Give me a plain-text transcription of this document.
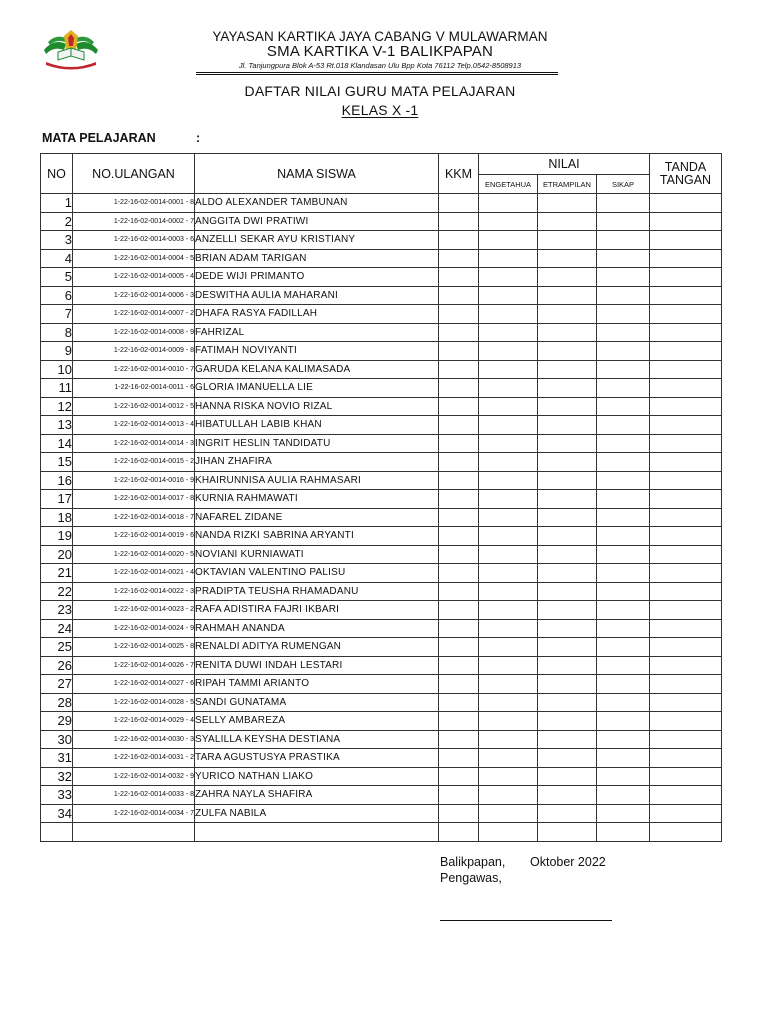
YAYASAN KARTIKA JAYA CABANG V MULAWARMAN
SMA KARTIKA V-1 BALIKPAPAN
Jl. Tanjungpura Blok A-53 Rt.018 Klandasan Ulu Bpp Kota 76112 Telp.0542-8508913
DAFTAR NILAI GURU MATA PELAJARAN
KELAS X -1
MATA PELAJARAN	:
NO	NO.ULANGAN	NAMA SISWA	KKM	NILAI			TANDA TANGAN
				ENGETAHUA	ETRAMPILAN	SIKAP	
1	1-22-16-02-0014-0001 - 8	ALDO ALEXANDER TAMBUNAN					
2	1-22-16-02-0014-0002 - 7	ANGGITA DWI PRATIWI					
3	1-22-16-02-0014-0003 - 6	ANZELLI SEKAR AYU KRISTIANY					
4	1-22-16-02-0014-0004 - 5	BRIAN ADAM TARIGAN					
5	1-22-16-02-0014-0005 - 4	DEDE WIJI PRIMANTO					
6	1-22-16-02-0014-0006 - 3	DESWITHA AULIA MAHARANI					
7	1-22-16-02-0014-0007 - 2	DHAFA RASYA FADILLAH					
8	1-22-16-02-0014-0008 - 9	FAHRIZAL					
9	1-22-16-02-0014-0009 - 8	FATIMAH NOVIYANTI					
10	1-22-16-02-0014-0010 - 7	GARUDA KELANA KALIMASADA					
11	1-22-16-02-0014-0011 - 6	GLORIA IMANUELLA LIE					
12	1-22-16-02-0014-0012 - 5	HANNA RISKA NOVIO RIZAL					
13	1-22-16-02-0014-0013 - 4	HIBATULLAH LABIB KHAN					
14	1-22-16-02-0014-0014 - 3	INGRIT HESLIN TANDIDATU					
15	1-22-16-02-0014-0015 - 2	JIHAN ZHAFIRA					
16	1-22-16-02-0014-0016 - 9	KHAIRUNNISA AULIA RAHMASARI					
17	1-22-16-02-0014-0017 - 8	KURNIA RAHMAWATI					
18	1-22-16-02-0014-0018 - 7	NAFAREL ZIDANE					
19	1-22-16-02-0014-0019 - 6	NANDA RIZKI SABRINA ARYANTI					
20	1-22-16-02-0014-0020 - 5	NOVIANI KURNIAWATI					
21	1-22-16-02-0014-0021 - 4	OKTAVIAN VALENTINO PALISU					
22	1-22-16-02-0014-0022 - 3	PRADIPTA TEUSHA RHAMADANU					
23	1-22-16-02-0014-0023 - 2	RAFA ADISTIRA FAJRI IKBARI					
24	1-22-16-02-0014-0024 - 9	RAHMAH ANANDA					
25	1-22-16-02-0014-0025 - 8	RENALDI ADITYA RUMENGAN					
26	1-22-16-02-0014-0026 - 7	RENITA DUWI INDAH LESTARI					
27	1-22-16-02-0014-0027 - 6	RIPAH TAMMI ARIANTO					
28	1-22-16-02-0014-0028 - 5	SANDI GUNATAMA					
29	1-22-16-02-0014-0029 - 4	SELLY AMBAREZA					
30	1-22-16-02-0014-0030 - 3	SYALILLA KEYSHA DESTIANA					
31	1-22-16-02-0014-0031 - 2	TARA AGUSTUSYA PRASTIKA					
32	1-22-16-02-0014-0032 - 9	YURICO NATHAN LIAKO					
33	1-22-16-02-0014-0033 - 8	ZAHRA NAYLA SHAFIRA					
34	1-22-16-02-0014-0034 - 7	ZULFA NABILA					

Balikpapan, Oktober 2022
Pengawas,
